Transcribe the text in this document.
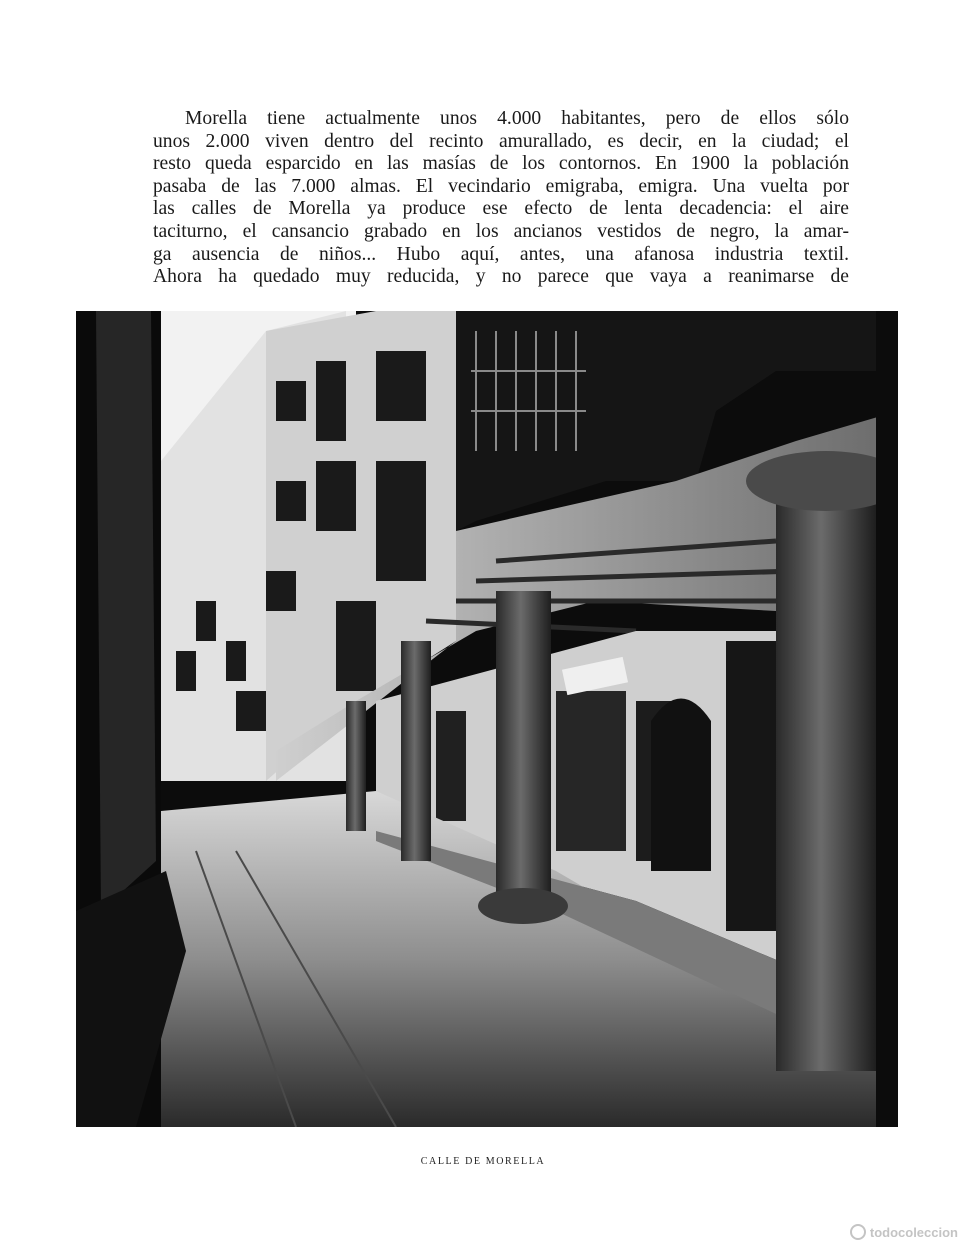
Morella tiene actualmente unos 4.000 habitantes, pero de ellos sólo
unos 2.000 viven dentro del recinto amurallado, es decir, en la ciudad; el
resto queda esparcido en las masías de los contornos. En 1900 la población
pasaba de las 7.000 almas. El vecindario emigraba, emigra. Una vuelta por
las calles de Morella ya produce ese efecto de lenta decadencia: el aire
taciturno, el cansancio grabado en los ancianos vestidos de negro, la amar-
ga ausencia de niños... Hubo aquí, antes, una afanosa industria textil.
Ahora ha quedado muy reducida, y no parece que vaya a reanimarse de
CALLE DE MORELLA
todocoleccion
